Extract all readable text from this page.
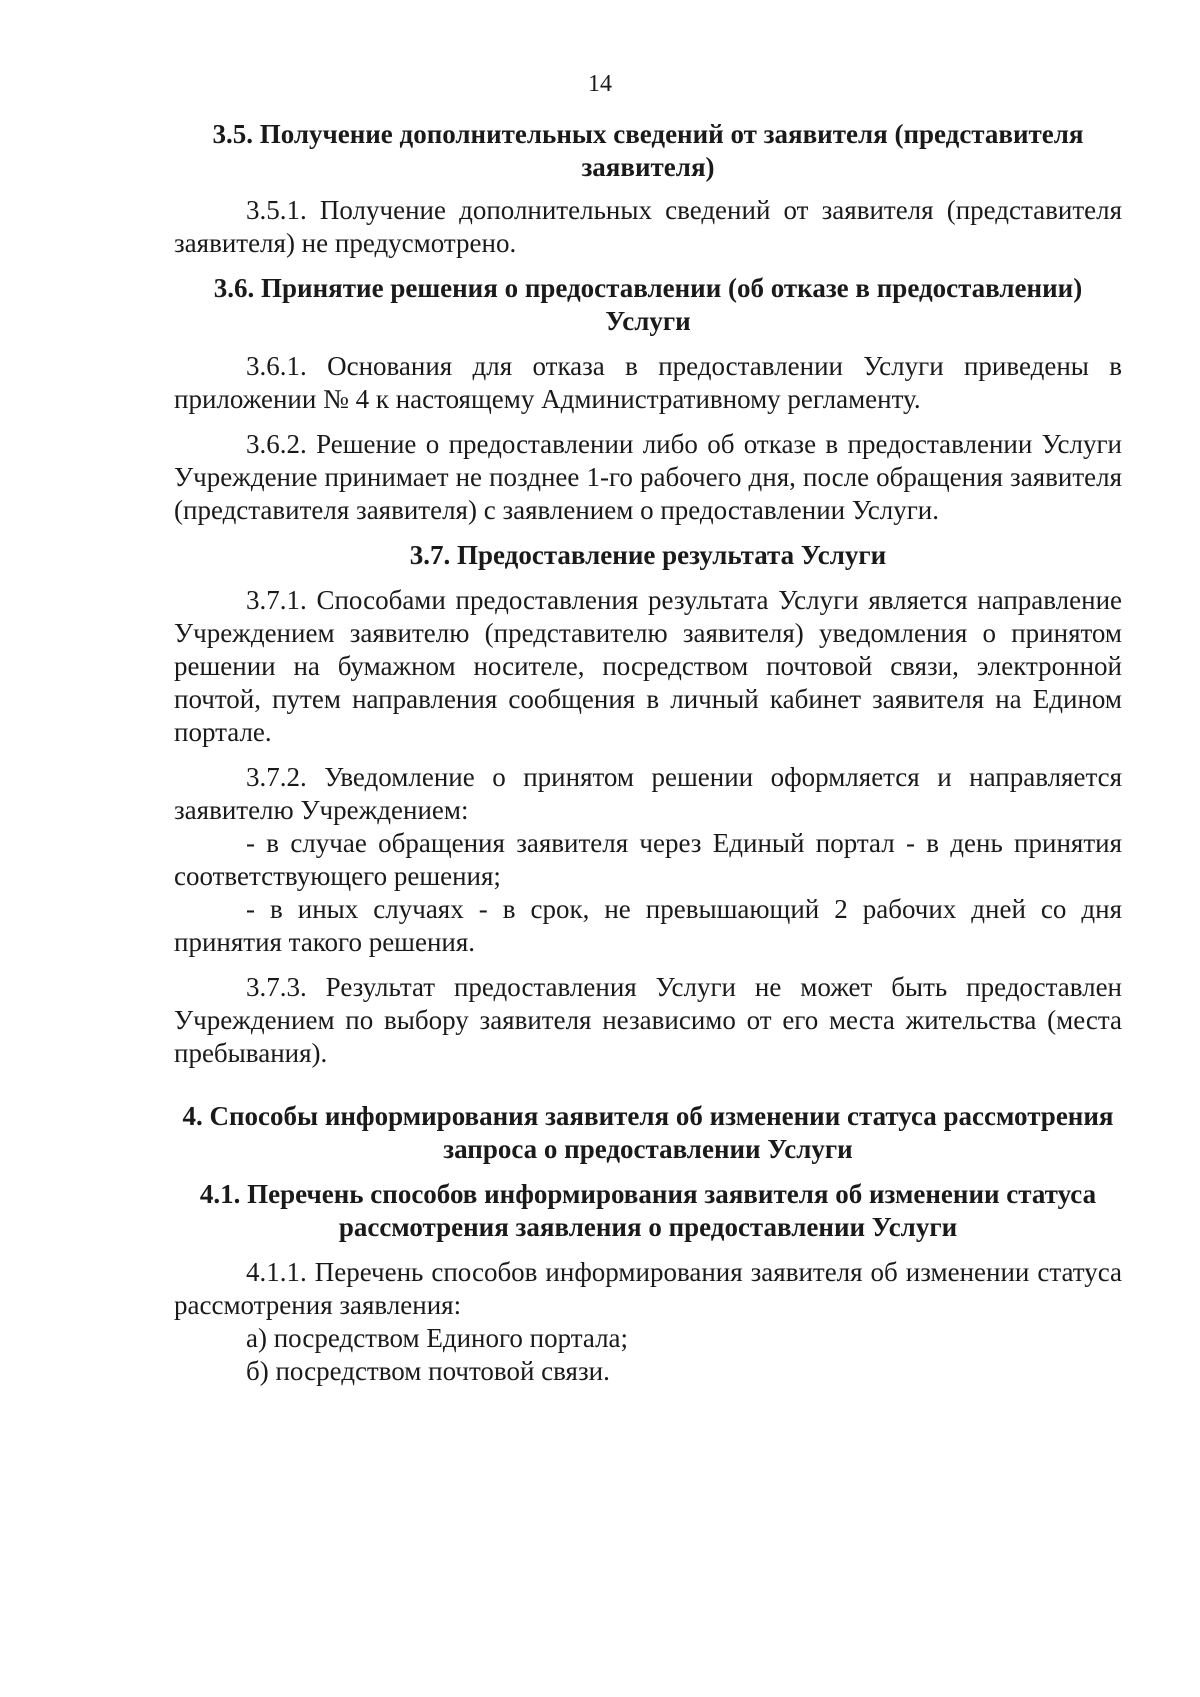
14

3.5. Получение дополнительных сведений от заявителя (представителя заявителя)

3.5.1. Получение дополнительных сведений от заявителя (представителя заявителя) не предусмотрено.

3.6. Принятие решения о предоставлении (об отказе в предоставлении) Услуги

3.6.1. Основания для отказа в предоставлении Услуги приведены в приложении № 4 к настоящему Административному регламенту.

3.6.2. Решение о предоставлении либо об отказе в предоставлении Услуги Учреждение принимает не позднее 1-го рабочего дня, после обращения заявителя (представителя заявителя) с заявлением о предоставлении Услуги.

3.7. Предоставление результата Услуги

3.7.1. Способами предоставления результата Услуги является направление Учреждением заявителю (представителю заявителя) уведомления о принятом решении на бумажном носителе, посредством почтовой связи, электронной почтой, путем направления сообщения в личный кабинет заявителя на Едином портале.

3.7.2. Уведомление о принятом решении оформляется и направляется заявителю Учреждением:

- в случае обращения заявителя через Единый портал - в день принятия соответствующего решения;

- в иных случаях - в срок, не превышающий 2 рабочих дней со дня принятия такого решения.

3.7.3. Результат предоставления Услуги не может быть предоставлен Учреждением по выбору заявителя независимо от его места жительства (места пребывания).

4. Способы информирования заявителя об изменении статуса рассмотрения запроса о предоставлении Услуги

4.1. Перечень способов информирования заявителя об изменении статуса рассмотрения заявления о предоставлении Услуги

4.1.1. Перечень способов информирования заявителя об изменении статуса рассмотрения заявления:

а) посредством Единого портала;

б) посредством почтовой связи.
